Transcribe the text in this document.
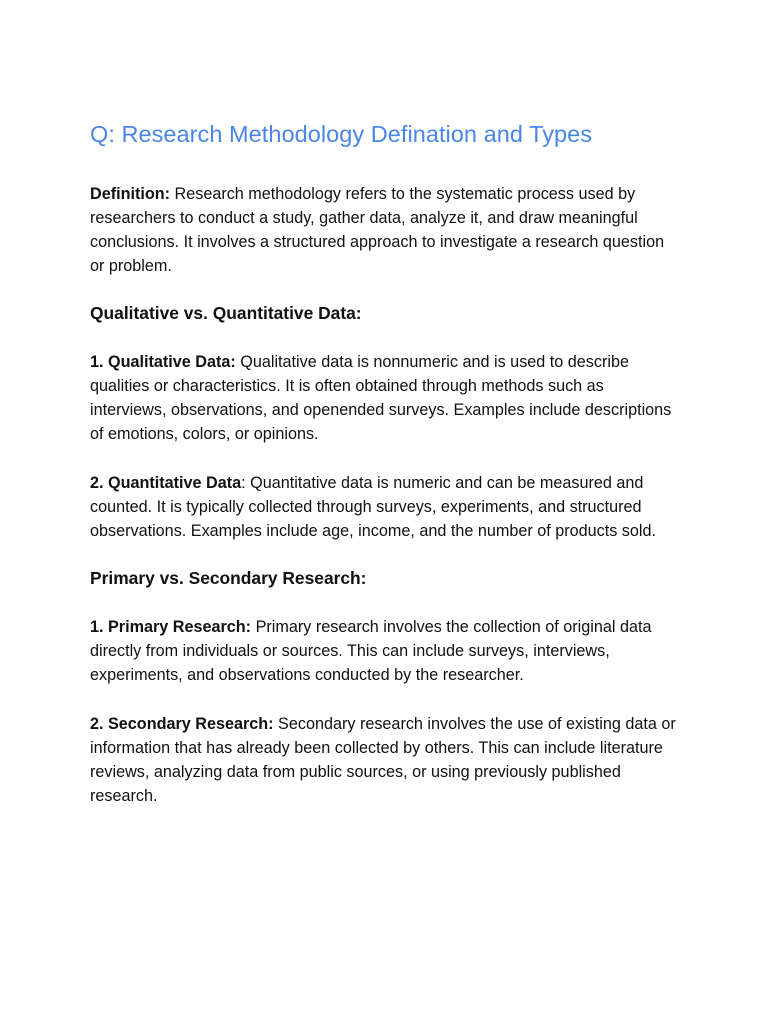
Q: Research Methodology Defination and Types

Definition: Research methodology refers to the systematic process used by researchers to conduct a study, gather data, analyze it, and draw meaningful conclusions. It involves a structured approach to investigate a research question or problem.

Qualitative vs. Quantitative Data:

1. Qualitative Data: Qualitative data is nonnumeric and is used to describe qualities or characteristics. It is often obtained through methods such as interviews, observations, and openended surveys. Examples include descriptions of emotions, colors, or opinions.

2. Quantitative Data: Quantitative data is numeric and can be measured and counted. It is typically collected through surveys, experiments, and structured observations. Examples include age, income, and the number of products sold.

Primary vs. Secondary Research:

1. Primary Research: Primary research involves the collection of original data directly from individuals or sources. This can include surveys, interviews, experiments, and observations conducted by the researcher.

2. Secondary Research: Secondary research involves the use of existing data or information that has already been collected by others. This can include literature reviews, analyzing data from public sources, or using previously published research.
